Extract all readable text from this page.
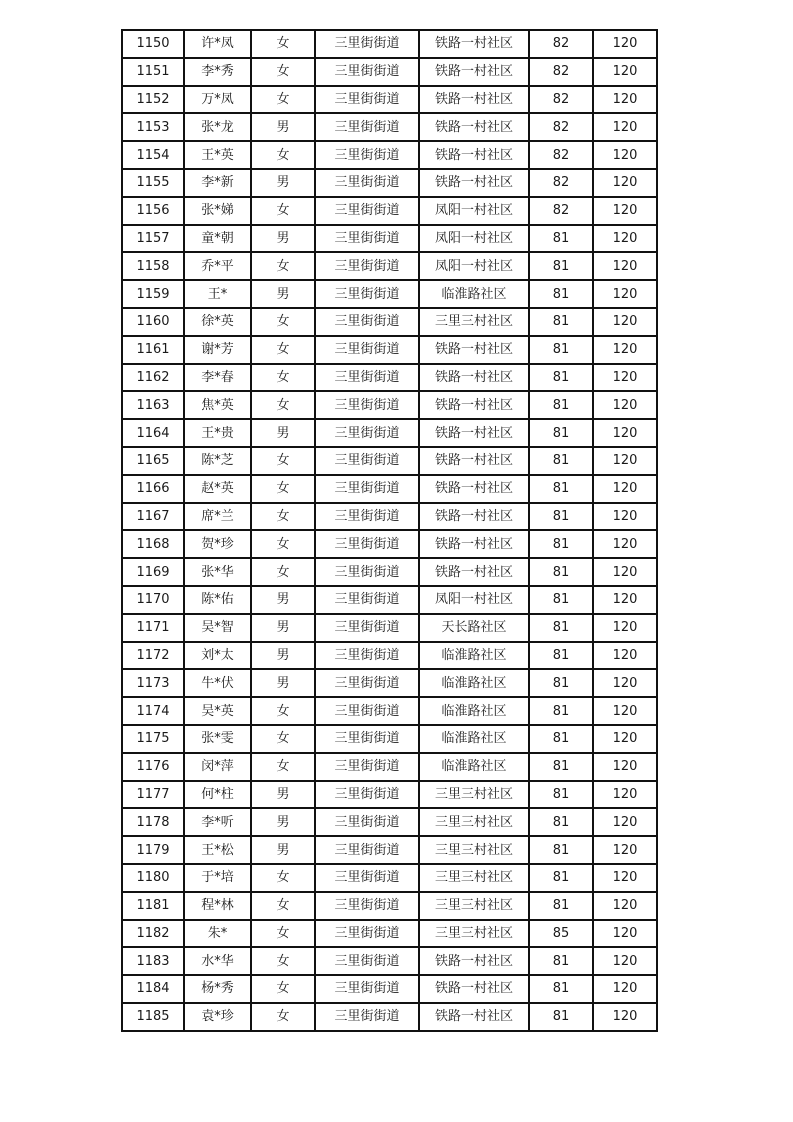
1150	许*凤	女	三里街街道	铁路一村社区	82	120
1151	李*秀	女	三里街街道	铁路一村社区	82	120
1152	万*凤	女	三里街街道	铁路一村社区	82	120
1153	张*龙	男	三里街街道	铁路一村社区	82	120
1154	王*英	女	三里街街道	铁路一村社区	82	120
1155	李*新	男	三里街街道	铁路一村社区	82	120
1156	张*娣	女	三里街街道	凤阳一村社区	82	120
1157	童*朝	男	三里街街道	凤阳一村社区	81	120
1158	乔*平	女	三里街街道	凤阳一村社区	81	120
1159	王*	男	三里街街道	临淮路社区	81	120
1160	徐*英	女	三里街街道	三里三村社区	81	120
1161	谢*芳	女	三里街街道	铁路一村社区	81	120
1162	李*春	女	三里街街道	铁路一村社区	81	120
1163	焦*英	女	三里街街道	铁路一村社区	81	120
1164	王*贵	男	三里街街道	铁路一村社区	81	120
1165	陈*芝	女	三里街街道	铁路一村社区	81	120
1166	赵*英	女	三里街街道	铁路一村社区	81	120
1167	席*兰	女	三里街街道	铁路一村社区	81	120
1168	贺*珍	女	三里街街道	铁路一村社区	81	120
1169	张*华	女	三里街街道	铁路一村社区	81	120
1170	陈*佑	男	三里街街道	凤阳一村社区	81	120
1171	吴*智	男	三里街街道	天长路社区	81	120
1172	刘*太	男	三里街街道	临淮路社区	81	120
1173	牛*伏	男	三里街街道	临淮路社区	81	120
1174	吴*英	女	三里街街道	临淮路社区	81	120
1175	张*雯	女	三里街街道	临淮路社区	81	120
1176	闵*萍	女	三里街街道	临淮路社区	81	120
1177	何*柱	男	三里街街道	三里三村社区	81	120
1178	李*听	男	三里街街道	三里三村社区	81	120
1179	王*松	男	三里街街道	三里三村社区	81	120
1180	于*培	女	三里街街道	三里三村社区	81	120
1181	程*林	女	三里街街道	三里三村社区	81	120
1182	朱*	女	三里街街道	三里三村社区	85	120
1183	水*华	女	三里街街道	铁路一村社区	81	120
1184	杨*秀	女	三里街街道	铁路一村社区	81	120
1185	袁*珍	女	三里街街道	铁路一村社区	81	120
